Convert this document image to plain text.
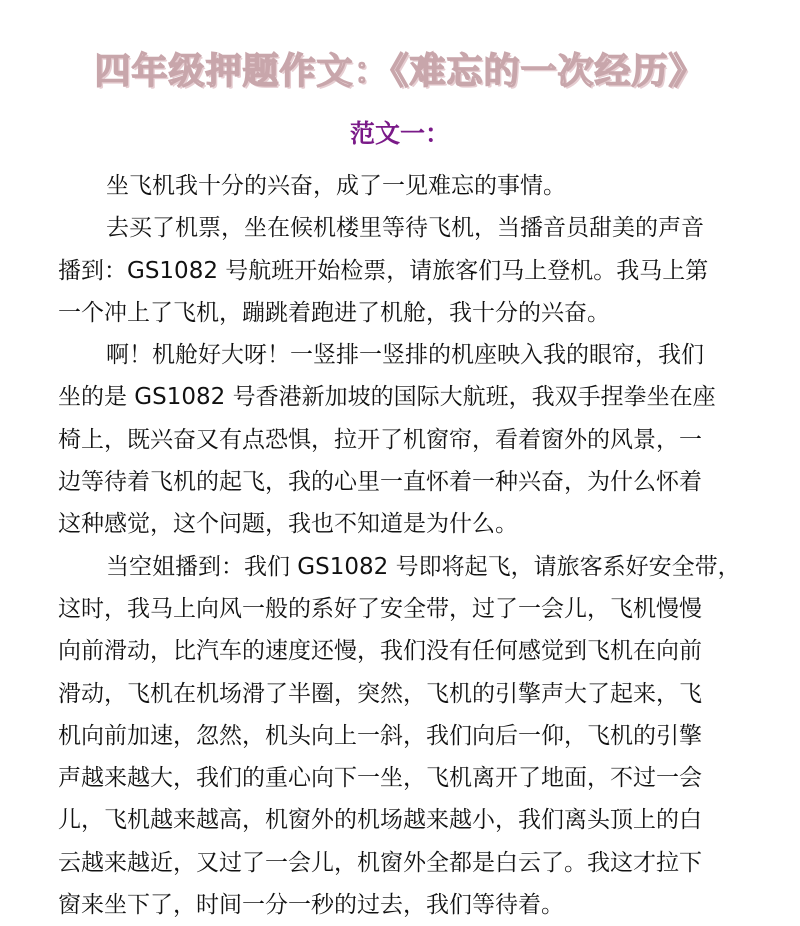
四年级押题作文：《难忘的一次经历》
范文一：

坐飞机我十分的兴奋，成了一见难忘的事情。

去买了机票，坐在候机楼里等待飞机，当播音员甜美的声音

播到：GS1082 号航班开始检票，请旅客们马上登机。我马上第

一个冲上了飞机，蹦跳着跑进了机舱，我十分的兴奋。

啊！机舱好大呀！一竖排一竖排的机座映入我的眼帘，我们

坐的是 GS1082 号香港新加坡的国际大航班，我双手捏拳坐在座

椅上，既兴奋又有点恐惧，拉开了机窗帘，看着窗外的风景，一

边等待着飞机的起飞，我的心里一直怀着一种兴奋，为什么怀着

这种感觉，这个问题，我也不知道是为什么。

当空姐播到：我们 GS1082 号即将起飞，请旅客系好安全带，

这时，我马上向风一般的系好了安全带，过了一会儿，飞机慢慢

向前滑动，比汽车的速度还慢，我们没有任何感觉到飞机在向前

滑动，飞机在机场滑了半圈，突然，飞机的引擎声大了起来，飞

机向前加速，忽然，机头向上一斜，我们向后一仰，飞机的引擎

声越来越大，我们的重心向下一坐，飞机离开了地面，不过一会

儿，飞机越来越高，机窗外的机场越来越小，我们离头顶上的白

云越来越近，又过了一会儿，机窗外全都是白云了。我这才拉下

窗来坐下了，时间一分一秒的过去，我们等待着。
